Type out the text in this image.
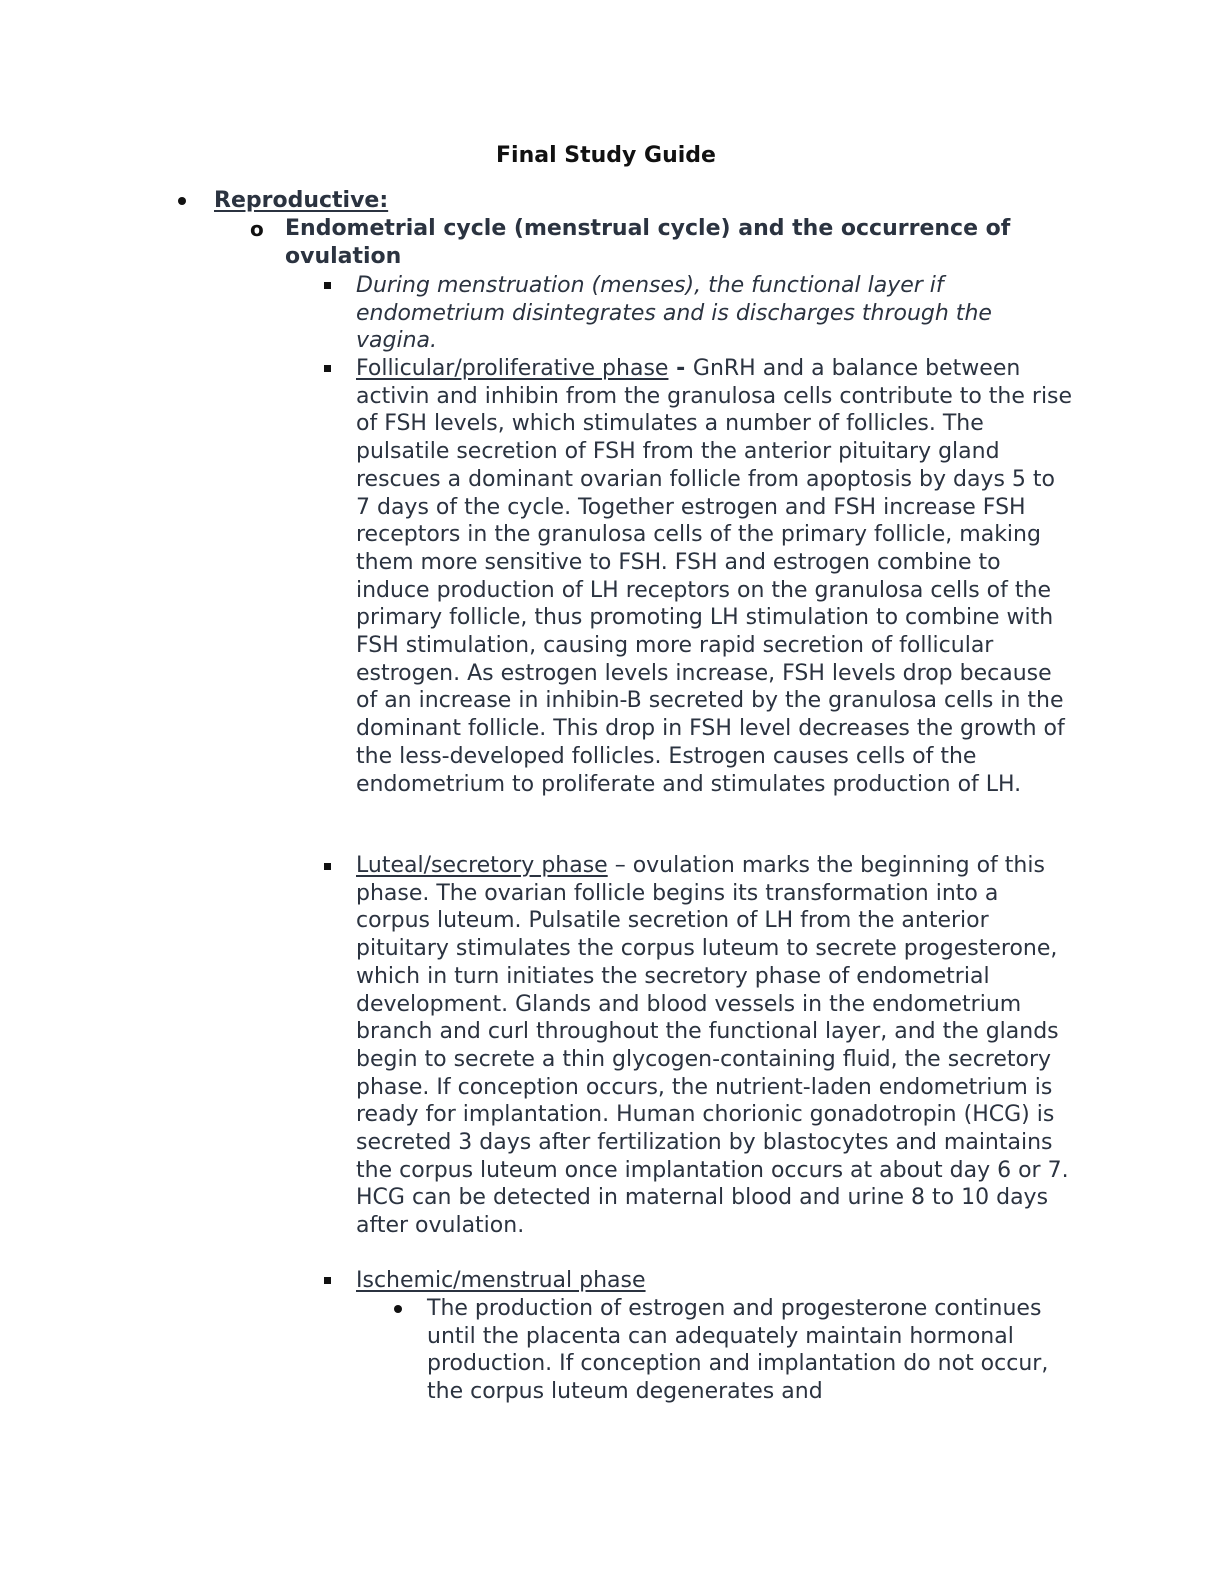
Final Study Guide
Reproductive:
o Endometrial cycle (menstrual cycle) and the occurrence of ovulation
During menstruation (menses), the functional layer if endometrium disintegrates and is discharges through the vagina.
Follicular/proliferative phase - GnRH and a balance between activin and inhibin from the granulosa cells contribute to the rise of FSH levels, which stimulates a number of follicles. The pulsatile secretion of FSH from the anterior pituitary gland rescues a dominant ovarian follicle from apoptosis by days 5 to 7 days of the cycle. Together estrogen and FSH increase FSH receptors in the granulosa cells of the primary follicle, making them more sensitive to FSH. FSH and estrogen combine to induce production of LH receptors on the granulosa cells of the primary follicle, thus promoting LH stimulation to combine with FSH stimulation, causing more rapid secretion of follicular estrogen. As estrogen levels increase, FSH levels drop because of an increase in inhibin-B secreted by the granulosa cells in the dominant follicle. This drop in FSH level decreases the growth of the less-developed follicles. Estrogen causes cells of the endometrium to proliferate and stimulates production of LH.
Luteal/secretory phase – ovulation marks the beginning of this phase. The ovarian follicle begins its transformation into a corpus luteum. Pulsatile secretion of LH from the anterior pituitary stimulates the corpus luteum to secrete progesterone, which in turn initiates the secretory phase of endometrial development. Glands and blood vessels in the endometrium branch and curl throughout the functional layer, and the glands begin to secrete a thin glycogen-containing fluid, the secretory phase. If conception occurs, the nutrient-laden endometrium is ready for implantation. Human chorionic gonadotropin (HCG) is secreted 3 days after fertilization by blastocytes and maintains the corpus luteum once implantation occurs at about day 6 or 7. HCG can be detected in maternal blood and urine 8 to 10 days after ovulation.
Ischemic/menstrual phase
The production of estrogen and progesterone continues until the placenta can adequately maintain hormonal production. If conception and implantation do not occur, the corpus luteum degenerates and
